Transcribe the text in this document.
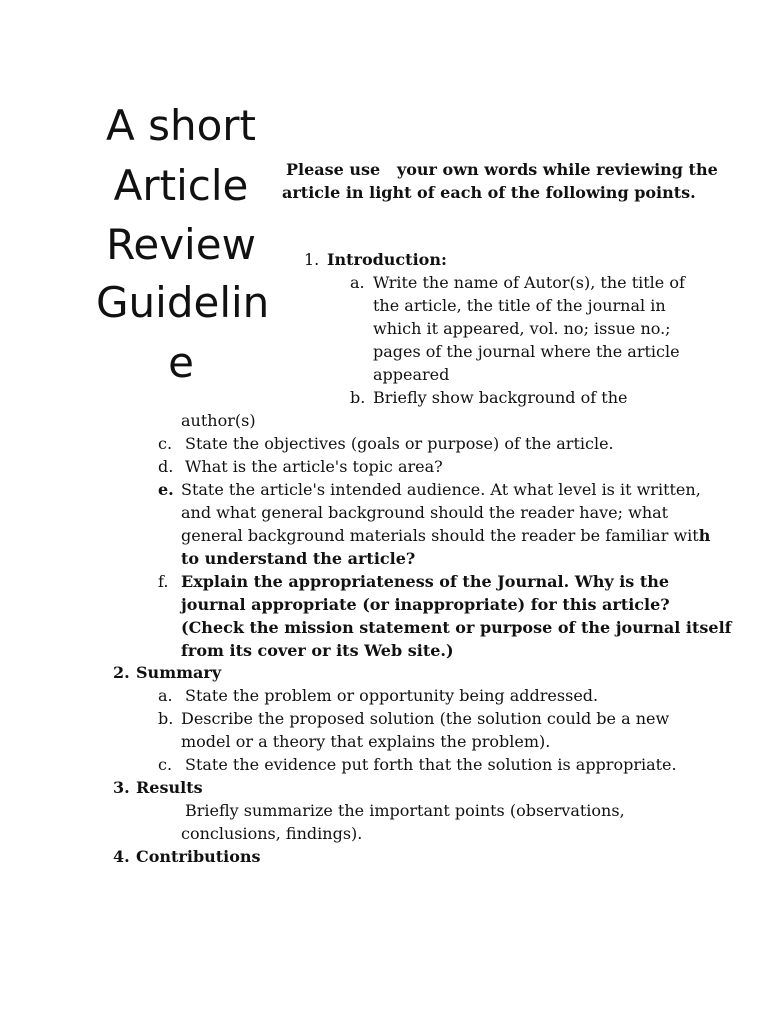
A short
Article
Review
Guidelin
e
Please use   your own words while reviewing the
article in light of each of the following points.
1. Introduction:
a. Write the name of Autor(s), the title of
the article, the title of the journal in
which it appeared, vol. no; issue no.;
pages of the journal where the article
appeared
b. Briefly show background of the
author(s)
c. State the objectives (goals or purpose) of the article.
d. What is the article's topic area?
e. State the article's intended audience. At what level is it written,
and what general background should the reader have; what
general background materials should the reader be familiar with
to understand the article?
f. Explain the appropriateness of the Journal. Why is the
journal appropriate (or inappropriate) for this article?
(Check the mission statement or purpose of the journal itself
from its cover or its Web site.)
2. Summary
a. State the problem or opportunity being addressed.
b. Describe the proposed solution (the solution could be a new
model or a theory that explains the problem).
c. State the evidence put forth that the solution is appropriate.
3. Results
Briefly summarize the important points (observations,
conclusions, findings).
4. Contributions
